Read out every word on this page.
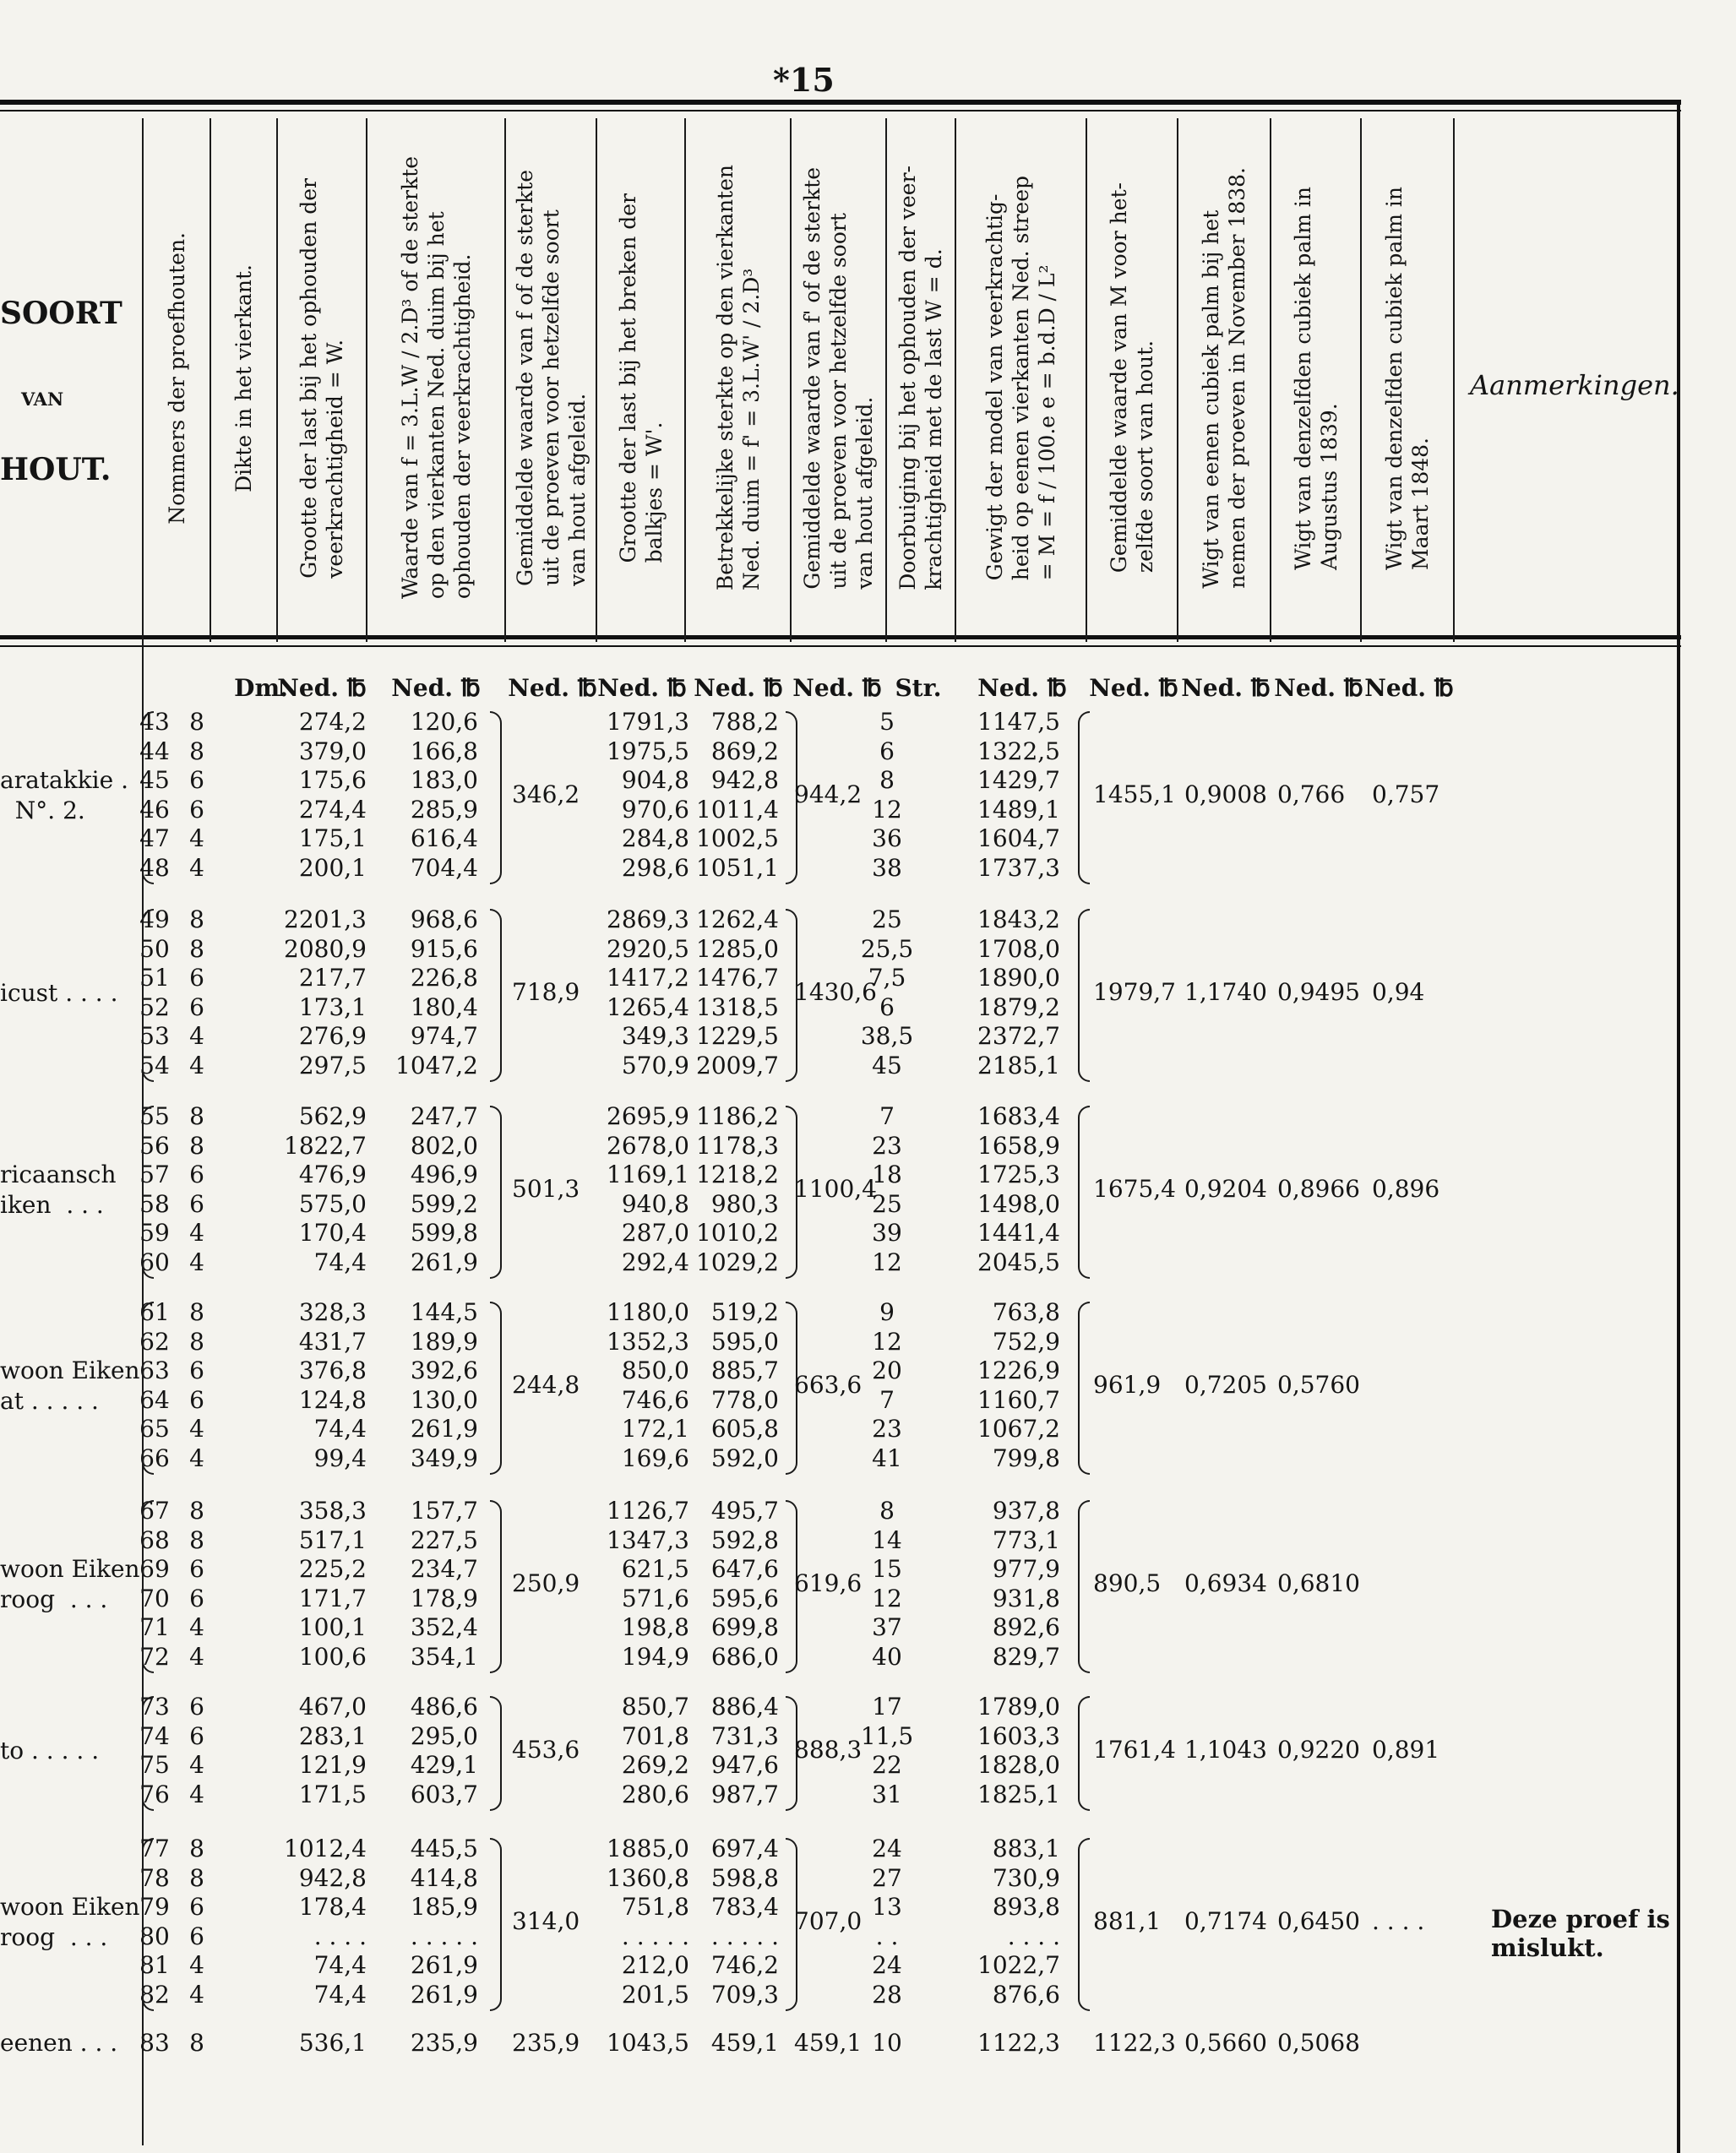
*15
SOORT
VAN
HOUT.	Nommers der proefhouten. Dikte in het vierkant.
Grootte der last bij het ophouden der
veerkrachtigheid = W.
Waarde van f = 3.L.W / 2.D³ of de sterkte
op den vierkanten Ned. duim bij het
ophouden der veerkrachtigheid.
Gemiddelde waarde van f of de sterkte
uit de proeven voor hetzelfde soort
van hout afgeleid.
Grootte der last bij het breken der
balkjes = W'.
Betrekkelijke sterkte op den vierkanten
Ned. duim = f' = 3.L.W' / 2.D³
Gemiddelde waarde van f' of de sterkte
uit de proeven voor hetzelfde soort
van hout afgeleid.
Doorbuiging bij het ophouden der veer-
krachtigheid met de last W = d.
Gewigt der model van veerkrachtig-
heid op eenen vierkanten Ned. streep
= M = f / 100.e e = b.d.D / L²
Gemiddelde waarde van M voor het-
zelfde soort van hout.
Wigt van eenen cubiek palm bij het
nemen der proeven in November 1838.
Wigt van denzelfden cubiek palm in
Augustus 1839.
Wigt van denzelfden cubiek palm in
Maart 1848.
Aanmerkingen.
Dm.
Ned. ℔ Ned. ℔ Ned. ℔ Ned. ℔ Ned. ℔ Ned. ℔ Str.	Ned. ℔ Ned. ℔ Ned. ℔ Ned. ℔ Ned. ℔
aratakkie .
N°. 2.
43 8	274,2	120,6	1791,3 788,2	5	1147,5
44 8	379,0	166,8	1975,5 869,2	6	1322,5
45 6	175,6	183,0	904,8 942,8	8	1429,7
46 6	274,4	285,9	970,6 1011,4	12	1489,1
47 4	175,1	616,4	284,8 1002,5	36	1604,7
48 4	200,1	704,4	298,6 1051,1	38	1737,3
346,2	944,2	1455,1 0,9008 0,766 0,757
icust . . . .
49 8	2201,3	968,6	2869,3 1262,4	25	1843,2
50 8	2080,9	915,6	2920,5 1285,0	25,5	1708,0
51 6	217,7	226,8	1417,2 1476,7	7,5	1890,0
52 6	173,1	180,4	1265,4 1318,5	6	1879,2
53 4	276,9	974,7	349,3 1229,5	38,5	2372,7
54 4	297,5	1047,2	570,9 2009,7	45	2185,1
718,9	1430,6	1979,7 1,1740 0,9495 0,94
ricaansch
iken  . . .
55 8	562,9	247,7	2695,9 1186,2	7	1683,4
56 8	1822,7	802,0	2678,0 1178,3	23	1658,9
57 6	476,9	496,9	1169,1 1218,2	18	1725,3
58 6	575,0	599,2	940,8 980,3	25	1498,0
59 4	170,4	599,8	287,0 1010,2	39	1441,4
60 4	74,4	261,9	292,4 1029,2	12	2045,5
501,3	1100,4	1675,4 0,9204 0,8966 0,896
woon Eiken
at . . . . .
61 8	328,3	144,5	1180,0 519,2	9	763,8
62 8	431,7	189,9	1352,3 595,0	12	752,9
63 6	376,8	392,6	850,0 885,7	20	1226,9
64 6	124,8	130,0	746,6 778,0	7	1160,7
65 4	74,4	261,9	172,1 605,8	23	1067,2
66 4	99,4	349,9	169,6 592,0	41	799,8
244,8	663,6	961,9 0,7205 0,5760
woon Eiken
roog  . . .
67 8	358,3	157,7	1126,7 495,7	8	937,8
68 8	517,1	227,5	1347,3 592,8	14	773,1
69 6	225,2	234,7	621,5 647,6	15	977,9
70 6	171,7	178,9	571,6 595,6	12	931,8
71 4	100,1	352,4	198,8 699,8	37	892,6
72 4	100,6	354,1	194,9 686,0	40	829,7
250,9	619,6	890,5 0,6934 0,6810
to . . . . .
73 6	467,0	486,6	850,7 886,4	17	1789,0
74 6	283,1	295,0	701,8 731,3	11,5	1603,3
75 4	121,9	429,1	269,2 947,6	22	1828,0
76 4	171,5	603,7	280,6 987,7	31	1825,1
453,6	888,3	1761,4 1,1043 0,9220 0,891
woon Eiken
roog  . . .
77 8	1012,4	445,5	1885,0 697,4	24	883,1
78 8	942,8	414,8	1360,8 598,8	27	730,9
79 6	178,4	185,9	751,8 783,4	13	893,8
80 6	. . . .	. . . . .	. . . . . . . . . .	. .	. . . .
81 4	74,4	261,9	212,0 746,2	24	1022,7
82 4	74,4	261,9	201,5 709,3	28	876,6
314,0	707,0	881,1 0,7174 0,6450 . . . .
eenen . . . 83 8	536,1	235,9	1043,5 459,1	10	1122,3
235,9	459,1	1122,3 0,5660 0,5068
Deze proef is
mislukt.
